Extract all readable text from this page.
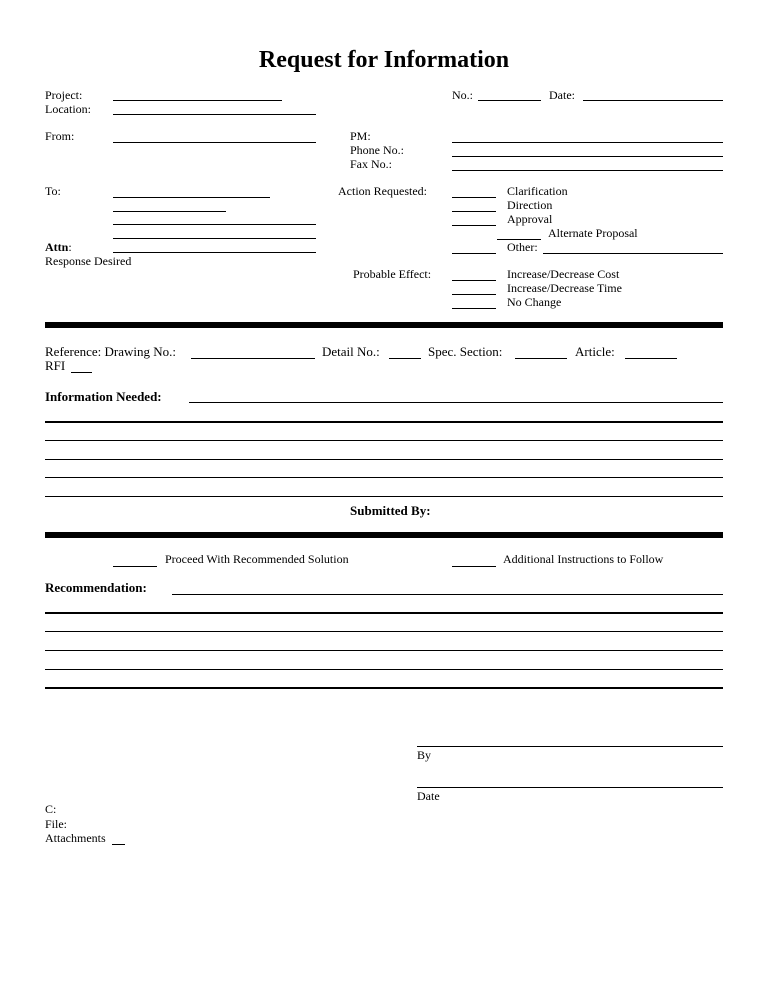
Request for Information
Project:
Location:
No.:	Date:
From:	PM:
Phone No.:
Fax No.:
To:
Attn:
Response Desired
Action Requested:	Clarification
Direction
Approval
Alternate Proposal
Other:
Probable Effect:	Increase/Decrease Cost
Increase/Decrease Time
No Change
Reference: Drawing No.:	Detail No.:	Spec. Section:	Article:
RFI
Information Needed:
Submitted By:
Proceed With Recommended Solution	Additional Instructions to Follow
Recommendation:
By
Date
C:
File:
Attachments
